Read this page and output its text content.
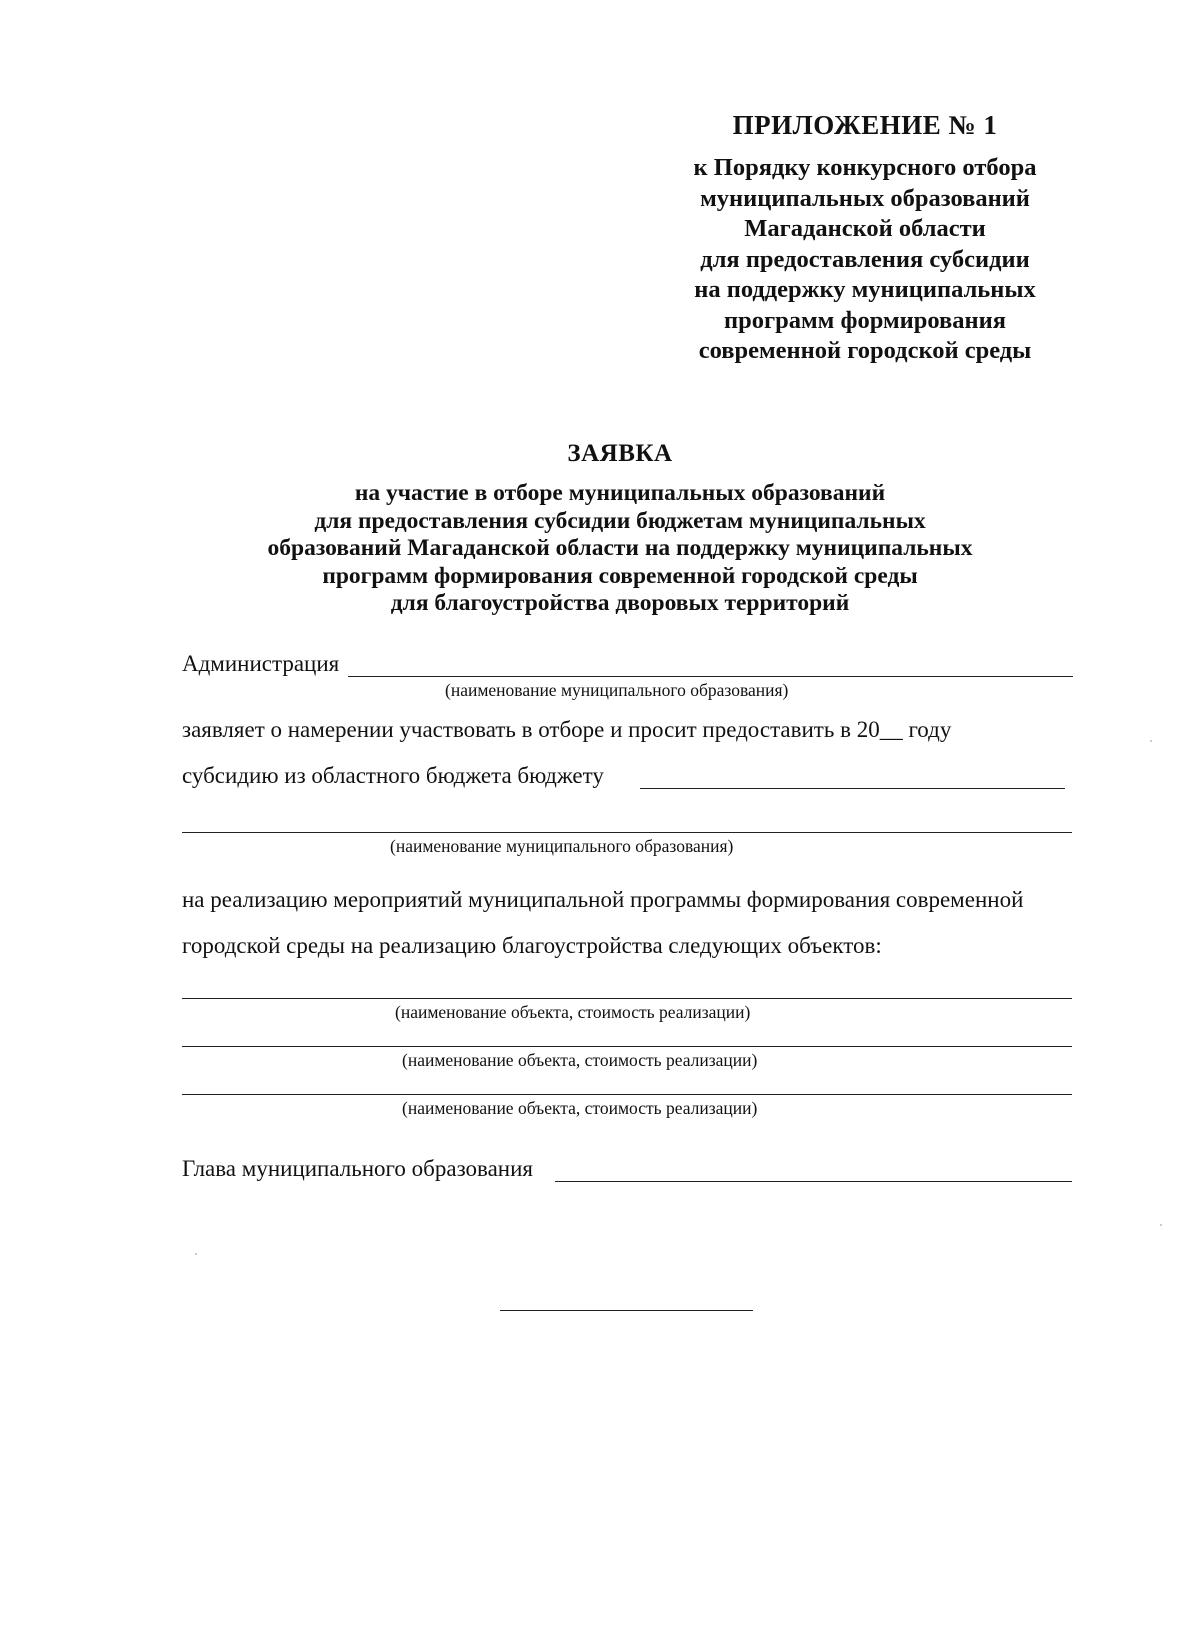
ПРИЛОЖЕНИЕ № 1
к Порядку конкурсного отбора
муниципальных образований
Магаданской области
для предоставления субсидии
на поддержку муниципальных
программ формирования
современной городской среды
ЗАЯВКА
на участие в отборе муниципальных образований
для предоставления субсидии бюджетам муниципальных
образований Магаданской области на поддержку муниципальных
программ формирования современной городской среды
для благоустройства дворовых территорий
Администрация
(наименование муниципального образования)
заявляет о намерении участвовать в отборе и просит предоставить в 20__ году
субсидию из областного бюджета бюджету
(наименование муниципального образования)
на реализацию мероприятий муниципальной программы формирования современной
городской среды на реализацию благоустройства следующих объектов:
(наименование объекта, стоимость реализации)
(наименование объекта, стоимость реализации)
(наименование объекта, стоимость реализации)
Глава муниципального образования
